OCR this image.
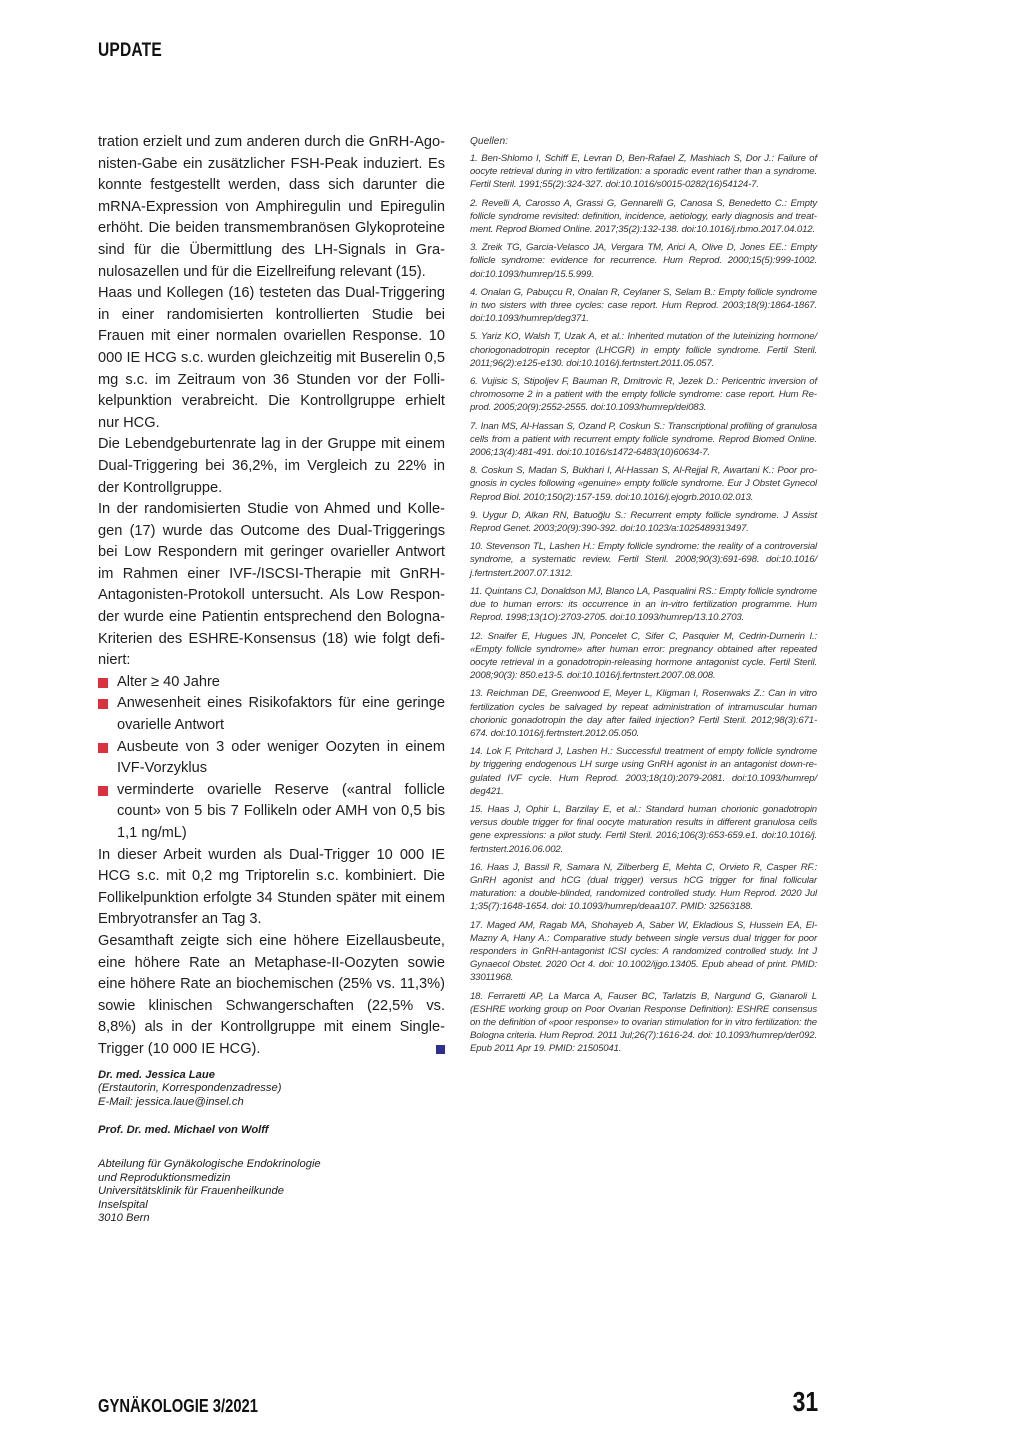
UPDATE

tration erzielt und zum anderen durch die GnRH-Agonisten-Gabe ein zusätzlicher FSH-Peak induziert. Es konnte festgestellt werden, dass sich darunter die mRNA-Expression von Amphiregulin und Epiregulin erhöht. Die beiden transmembranösen Glykoproteine sind für die Übermittlung des LH-Signals in Granulosazellen und für die Eizellreifung relevant (15).

Haas und Kollegen (16) testeten das Dual-Triggering in einer randomisierten kontrollierten Studie bei Frauen mit einer normalen ovariellen Response. 10 000 IE HCG s.c. wurden gleichzeitig mit Buserelin 0,5 mg s.c. im Zeitraum von 36 Stunden vor der Follikelpunktion verabreicht. Die Kontrollgruppe erhielt nur HCG.

Die Lebendgeburtenrate lag in der Gruppe mit einem Dual-Triggering bei 36,2%, im Vergleich zu 22% in der Kontrollgruppe.

In der randomisierten Studie von Ahmed und Kollegen (17) wurde das Outcome des Dual-Triggerings bei Low Respondern mit geringer ovarieller Antwort im Rahmen einer IVF-/ISCSI-Therapie mit GnRH-Antagonisten-Protokoll untersucht. Als Low Responder wurde eine Patientin entsprechend den Bologna-Kriterien des ESHRE-Konsensus (18) wie folgt definiert:

Alter ≥ 40 Jahre
Anwesenheit eines Risikofaktors für eine geringe ovarielle Antwort
Ausbeute von 3 oder weniger Oozyten in einem IVF-Vorzyklus
verminderte ovarielle Reserve («antral follicle count» von 5 bis 7 Follikeln oder AMH von 0,5 bis 1,1 ng/mL)

In dieser Arbeit wurden als Dual-Trigger 10 000 IE HCG s.c. mit 0,2 mg Triptorelin s.c. kombiniert. Die Follikelpunktion erfolgte 34 Stunden später mit einem Embryotransfer an Tag 3.

Gesamthaft zeigte sich eine höhere Eizellausbeute, eine höhere Rate an Metaphase-II-Oozyten sowie eine höhere Rate an biochemischen (25% vs. 11,3%) sowie klinischen Schwangerschaften (22,5% vs. 8,8%) als in der Kontrollgruppe mit einem Single-Trigger (10 000 IE HCG).

Dr. med. Jessica Laue
(Erstautorin, Korrespondenzadresse)
E-Mail: jessica.laue@insel.ch
Prof. Dr. med. Michael von Wolff
Abteilung für Gynäkologische Endokrinologie
und Reproduktionsmedizin
Universitätsklinik für Frauenheilkunde
Inselspital
3010 Bern
Quellen:
1. Ben-Shlomo I, Schiff E, Levran D, Ben-Rafael Z, Mashiach S, Dor J.: Failure of oocyte retrieval during in vitro fertilization: a sporadic event rather than a syndrome. Fertil Steril. 1991;55(2):324-327. doi:10.1016/s0015-0282(16)54124-7.
2. Revelli A, Carosso A, Grassi G, Gennarelli G, Canosa S, Benedetto C.: Empty follicle syndrome revisited: definition, incidence, aetiology, early diagnosis and treatment. Reprod Biomed Online. 2017;35(2):132-138. doi:10.1016/j.rbmo.2017.04.012.
3. Zreik TG, Garcia-Velasco JA, Vergara TM, Arici A, Olive D, Jones EE.: Empty follicle syndrome: evidence for recurrence. Hum Reprod. 2000;15(5):999-1002. doi:10.1093/humrep/15.5.999.
4. Onalan G, Pabuçcu R, Onalan R, Ceylaner S, Selam B.: Empty follicle syndrome in two sisters with three cycles: case report. Hum Reprod. 2003;18(9):1864-1867. doi:10.1093/humrep/deg371.
5. Yariz KO, Walsh T, Uzak A, et al.: Inherited mutation of the luteinizing hormone/ choriogonadotropin receptor (LHCGR) in empty follicle syndrome. Fertil Steril. 2011;96(2):e125-e130. doi:10.1016/j.fertnstert.2011.05.057.
6. Vujisic S, Stipoljev F, Bauman R, Dmitrovic R, Jezek D.: Pericentric inversion of chromosome 2 in a patient with the empty follicle syndrome: case report. Hum Reprod. 2005;20(9):2552-2555. doi:10.1093/humrep/dei083.
7. Inan MS, Al-Hassan S, Ozand P, Coskun S.: Transcriptional profiling of granulosa cells from a patient with recurrent empty follicle syndrome. Reprod Biomed Online. 2006;13(4):481-491. doi:10.1016/s1472-6483(10)60634-7.
8. Coskun S, Madan S, Bukhari I, Al-Hassan S, Al-Rejjal R, Awartani K.: Poor prognosis in cycles following «genuine» empty follicle syndrome. Eur J Obstet Gynecol Reprod Biol. 2010;150(2):157-159. doi:10.1016/j.ejogrb.2010.02.013.
9. Uygur D, Alkan RN, Batuoğlu S.: Recurrent empty follicle syndrome. J Assist Reprod Genet. 2003;20(9):390-392. doi:10.1023/a:1025489313497.
10. Stevenson TL, Lashen H.: Empty follicle syndrome: the reality of a controversial syndrome, a systematic review. Fertil Steril. 2008;90(3):691-698. doi:10.1016/ j.fertnstert.2007.07.1312.
11. Quintans CJ, Donaldson MJ, Blanco LA, Pasqualini RS.: Empty follicle syndrome due to human errors: its occurrence in an in-vitro fertilization programme. Hum Reprod. 1998;13(1O):2703-2705. doi:10.1093/humrep/13.10.2703.
12. Snaifer E, Hugues JN, Poncelet C, Sifer C, Pasquier M, Cedrin-Durnerin I.: «Empty follicle syndrome» after human error: pregnancy obtained after repeated oocyte retrieval in a gonadotropin-releasing hormone antagonist cycle. Fertil Steril. 2008;90(3): 850.e13-5. doi:10.1016/j.fertnstert.2007.08.008.
13. Reichman DE, Greenwood E, Meyer L, Kligman I, Rosenwaks Z.: Can in vitro fertilization cycles be salvaged by repeat administration of intramuscular human chorionic gonadotropin the day after failed injection? Fertil Steril. 2012;98(3):671-674. doi:10.1016/j.fertnstert.2012.05.050.
14. Lok F, Pritchard J, Lashen H.: Successful treatment of empty follicle syndrome by triggering endogenous LH surge using GnRH agonist in an antagonist down-regulated IVF cycle. Hum Reprod. 2003;18(10):2079-2081. doi:10.1093/humrep/ deg421.
15. Haas J, Ophir L, Barzilay E, et al.: Standard human chorionic gonadotropin versus double trigger for final oocyte maturation results in different granulosa cells gene expressions: a pilot study. Fertil Steril. 2016;106(3):653-659.e1. doi:10.1016/j. fertnstert.2016.06.002.
16. Haas J, Bassil R, Samara N, Zilberberg E, Mehta C, Orvieto R, Casper RF.: GnRH agonist and hCG (dual trigger) versus hCG trigger for final follicular maturation: a double-blinded, randomized controlled study. Hum Reprod. 2020 Jul 1;35(7):1648-1654. doi: 10.1093/humrep/deaa107. PMID: 32563188.
17. Maged AM, Ragab MA, Shohayeb A, Saber W, Ekladious S, Hussein EA, El-Mazny A, Hany A.: Comparative study between single versus dual trigger for poor responders in GnRH-antagonist ICSI cycles: A randomized controlled study. Int J Gynaecol Obstet. 2020 Oct 4. doi: 10.1002/ijgo.13405. Epub ahead of print. PMID: 33011968.
18. Ferraretti AP, La Marca A, Fauser BC, Tarlatzis B, Nargund G, Gianaroli L (ESHRE working group on Poor Ovarian Response Definition): ESHRE consensus on the definition of «poor response» to ovarian stimulation for in vitro fertilization: the Bologna criteria. Hum Reprod. 2011 Jul;26(7):1616-24. doi: 10.1093/humrep/der092. Epub 2011 Apr 19. PMID: 21505041.
GYNÄKOLOGIE 3/2021	31
